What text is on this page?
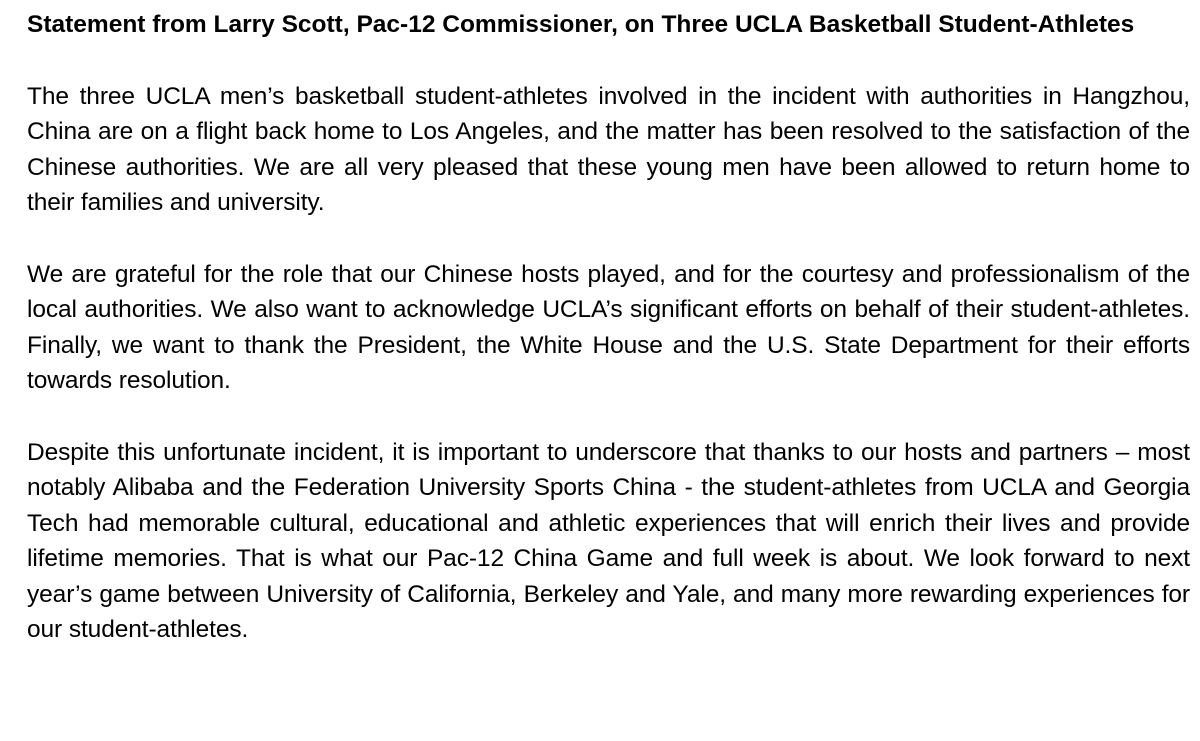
Statement from Larry Scott, Pac-12 Commissioner, on Three UCLA Basketball Student-Athletes

The three UCLA men’s basketball student-athletes involved in the incident with authorities in Hangzhou, China are on a flight back home to Los Angeles, and the matter has been resolved to the satisfaction of the Chinese authorities. We are all very pleased that these young men have been allowed to return home to their families and university.

We are grateful for the role that our Chinese hosts played, and for the courtesy and professionalism of the local authorities. We also want to acknowledge UCLA’s significant efforts on behalf of their student-athletes. Finally, we want to thank the President, the White House and the U.S. State Department for their efforts towards resolution.

Despite this unfortunate incident, it is important to underscore that thanks to our hosts and partners – most notably Alibaba and the Federation University Sports China - the student-athletes from UCLA and Georgia Tech had memorable cultural, educational and athletic experiences that will enrich their lives and provide lifetime memories. That is what our Pac-12 China Game and full week is about. We look forward to next year’s game between University of California, Berkeley and Yale, and many more rewarding experiences for our student-athletes.
